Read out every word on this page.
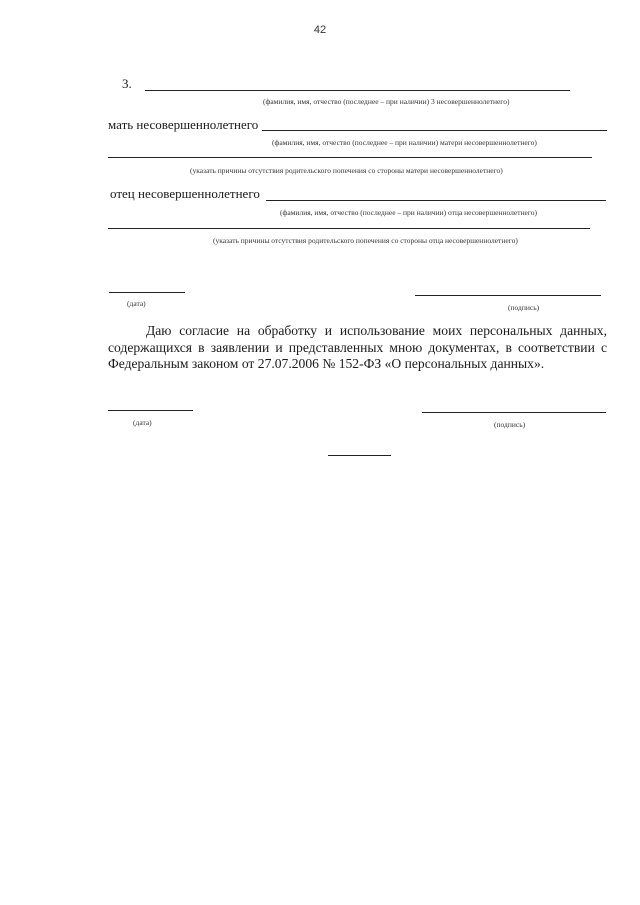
42
3.
(фамилия, имя, отчество (последнее – при наличии) 3 несовершеннолетнего)
мать несовершеннолетнего
(фамилия, имя, отчество (последнее – при наличии) матери несовершеннолетнего)
(указать причины отсутствия родительского попечения со стороны матери несовершеннолетнего)
отец несовершеннолетнего
(фамилия, имя, отчество (последнее – при наличии) отца несовершеннолетнего)
(указать причины отсутствия родительского попечения со стороны отца несовершеннолетнего)
(дата)	(подпись)
Даю согласие на обработку и использование моих персональных данных, содержащихся в заявлении и представленных мною документах, в соответствии с Федеральным законом от 27.07.2006 № 152-ФЗ «О персональных данных».
(дата)	(подпись)
